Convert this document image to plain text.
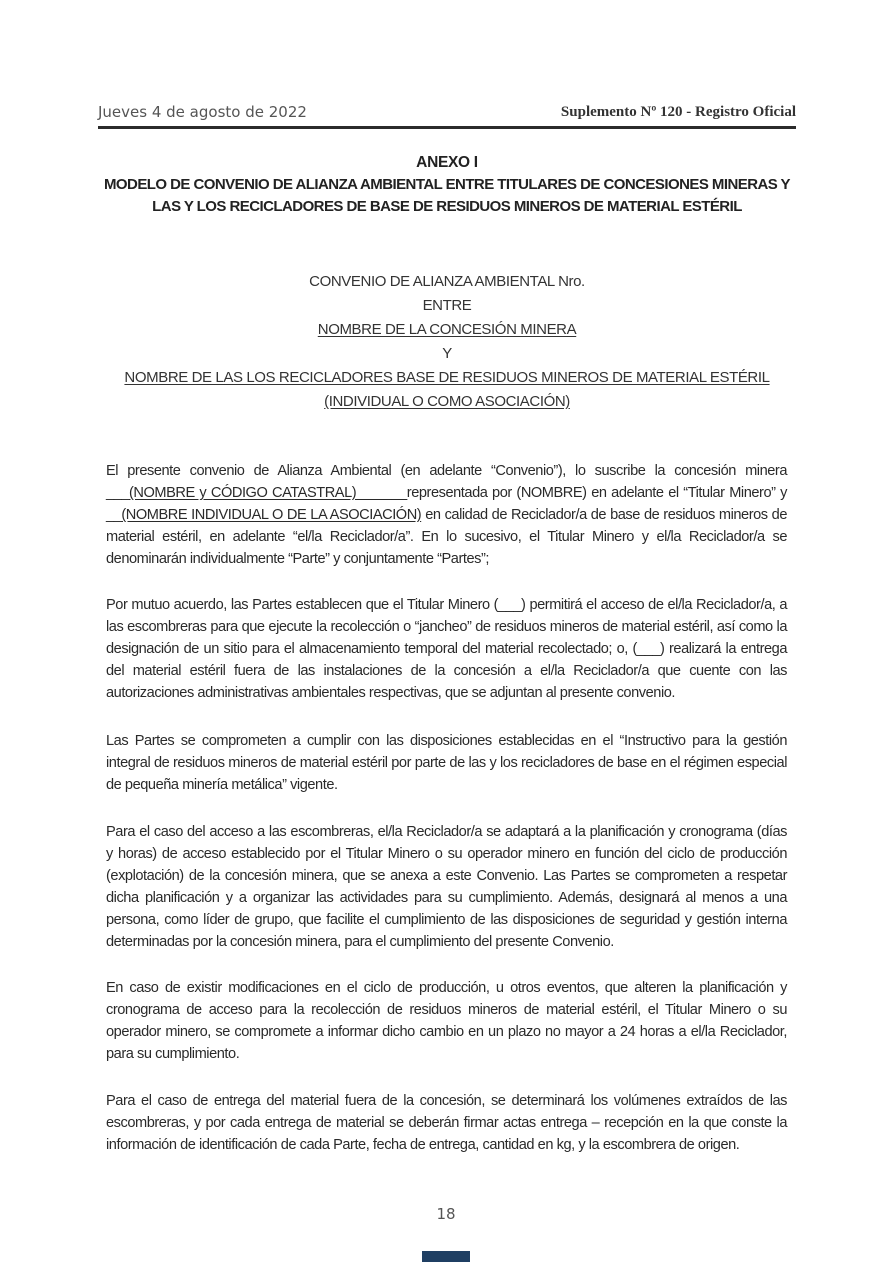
Jueves 4 de agosto de 2022	Suplemento Nº 120 - Registro Oficial
ANEXO I
MODELO DE CONVENIO DE ALIANZA AMBIENTAL ENTRE TITULARES DE CONCESIONES MINERAS Y
LAS Y LOS RECICLADORES DE BASE DE RESIDUOS MINEROS DE MATERIAL ESTÉRIL
CONVENIO DE ALIANZA AMBIENTAL Nro.
ENTRE
NOMBRE DE LA CONCESIÓN MINERA
Y
NOMBRE DE LAS LOS RECICLADORES BASE DE RESIDUOS MINEROS DE MATERIAL ESTÉRIL
(INDIVIDUAL O COMO ASOCIACIÓN)
El presente convenio de Alianza Ambiental (en adelante “Convenio”), lo suscribe la concesión minera ___(NOMBRE y CÓDIGO CATASTRAL) ______representada por (NOMBRE) en adelante el “Titular Minero” y __(NOMBRE INDIVIDUAL O DE LA ASOCIACIÓN) en calidad de Reciclador/a de base de residuos mineros de material estéril, en adelante “el/la Reciclador/a”. En lo sucesivo, el Titular Minero y el/la Reciclador/a se denominarán individualmente “Parte” y conjuntamente “Partes”;
Por mutuo acuerdo, las Partes establecen que el Titular Minero (___) permitirá el acceso de el/la Reciclador/a, a las escombreras para que ejecute la recolección o “jancheo” de residuos mineros de material estéril, así como la designación de un sitio para el almacenamiento temporal del material recolectado; o, (___) realizará la entrega del material estéril fuera de las instalaciones de la concesión a el/la Reciclador/a que cuente con las autorizaciones administrativas ambientales respectivas, que se adjuntan al presente convenio.
Las Partes se comprometen a cumplir con las disposiciones establecidas en el “Instructivo para la gestión integral de residuos mineros de material estéril por parte de las y los recicladores de base en el régimen especial de pequeña minería metálica” vigente.
Para el caso del acceso a las escombreras, el/la Reciclador/a se adaptará a la planificación y cronograma (días y horas) de acceso establecido por el Titular Minero o su operador minero en función del ciclo de producción (explotación) de la concesión minera, que se anexa a este Convenio. Las Partes se comprometen a respetar dicha planificación y a organizar las actividades para su cumplimiento. Además, designará al menos a una persona, como líder de grupo, que facilite el cumplimiento de las disposiciones de seguridad y gestión interna determinadas por la concesión minera, para el cumplimiento del presente Convenio.
En caso de existir modificaciones en el ciclo de producción, u otros eventos, que alteren la planificación y cronograma de acceso para la recolección de residuos mineros de material estéril, el Titular Minero o su operador minero, se compromete a informar dicho cambio en un plazo no mayor a 24 horas a el/la Reciclador, para su cumplimiento.
Para el caso de entrega del material fuera de la concesión, se determinará los volúmenes extraídos de las escombreras, y por cada entrega de material se deberán firmar actas entrega – recepción en la que conste la información de identificación de cada Parte, fecha de entrega, cantidad en kg, y la escombrera de origen.
18
